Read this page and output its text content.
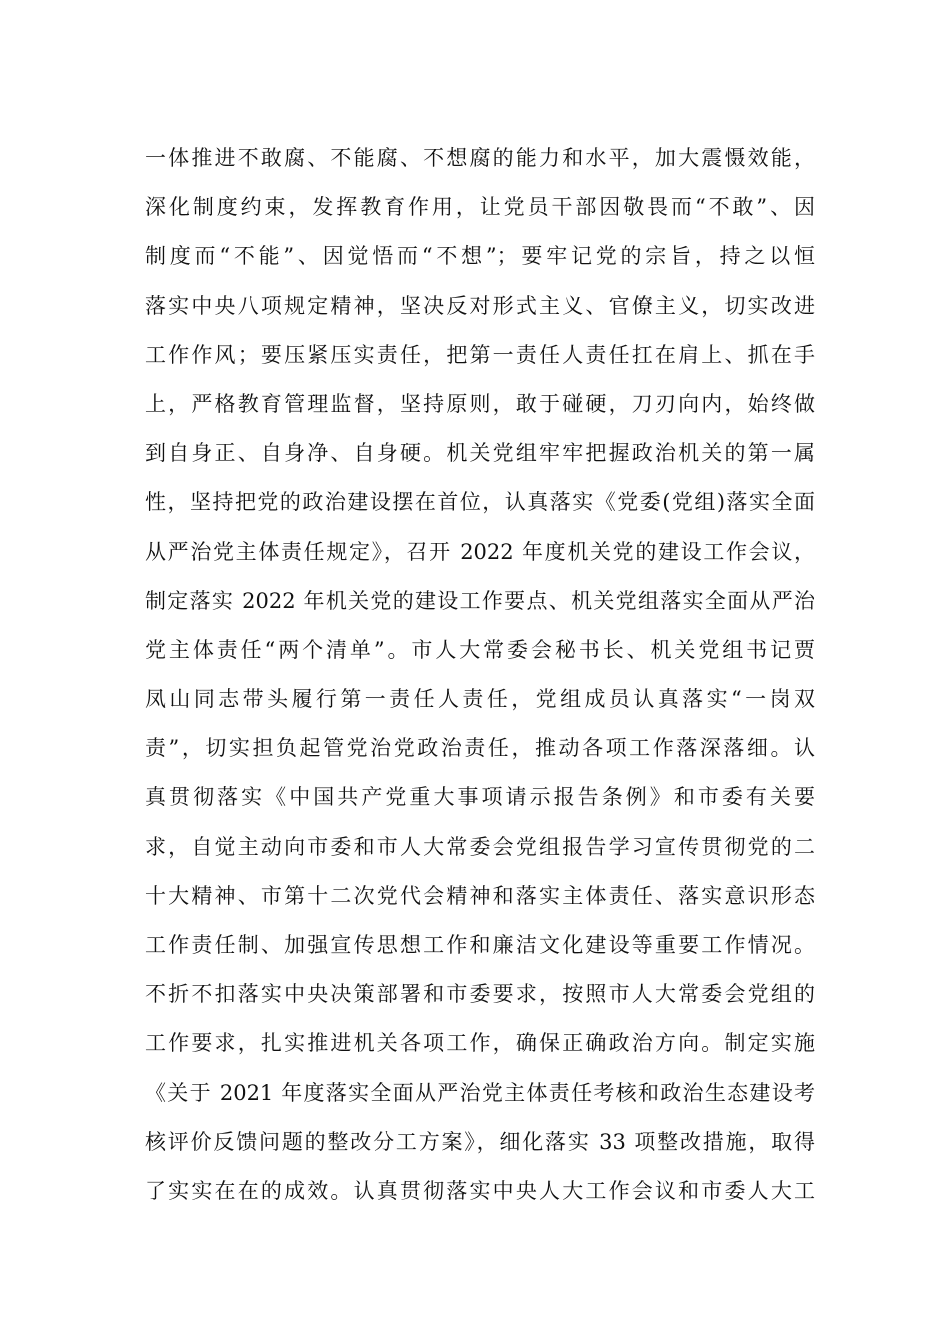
一体推进不敢腐、不能腐、不想腐的能力和水平，加大震慑效能，
深化制度约束，发挥教育作用，让党员干部因敬畏而“不敢”、因
制度而“不能”、因觉悟而“不想”；要牢记党的宗旨，持之以恒
落实中央八项规定精神，坚决反对形式主义、官僚主义，切实改进
工作作风；要压紧压实责任，把第一责任人责任扛在肩上、抓在手
上，严格教育管理监督，坚持原则，敢于碰硬，刀刃向内，始终做
到自身正、自身净、自身硬。机关党组牢牢把握政治机关的第一属
性，坚持把党的政治建设摆在首位，认真落实《党委(党组)落实全面
从严治党主体责任规定》，召开 2022 年度机关党的建设工作会议，
制定落实 2022 年机关党的建设工作要点、机关党组落实全面从严治
党主体责任“两个清单”。市人大常委会秘书长、机关党组书记贾
凤山同志带头履行第一责任人责任，党组成员认真落实“一岗双
责”，切实担负起管党治党政治责任，推动各项工作落深落细。认
真贯彻落实《中国共产党重大事项请示报告条例》和市委有关要
求，自觉主动向市委和市人大常委会党组报告学习宣传贯彻党的二
十大精神、市第十二次党代会精神和落实主体责任、落实意识形态
工作责任制、加强宣传思想工作和廉洁文化建设等重要工作情况。
不折不扣落实中央决策部署和市委要求，按照市人大常委会党组的
工作要求，扎实推进机关各项工作，确保正确政治方向。制定实施
《关于 2021 年度落实全面从严治党主体责任考核和政治生态建设考
核评价反馈问题的整改分工方案》，细化落实 33 项整改措施，取得
了实实在在的成效。认真贯彻落实中央人大工作会议和市委人大工
